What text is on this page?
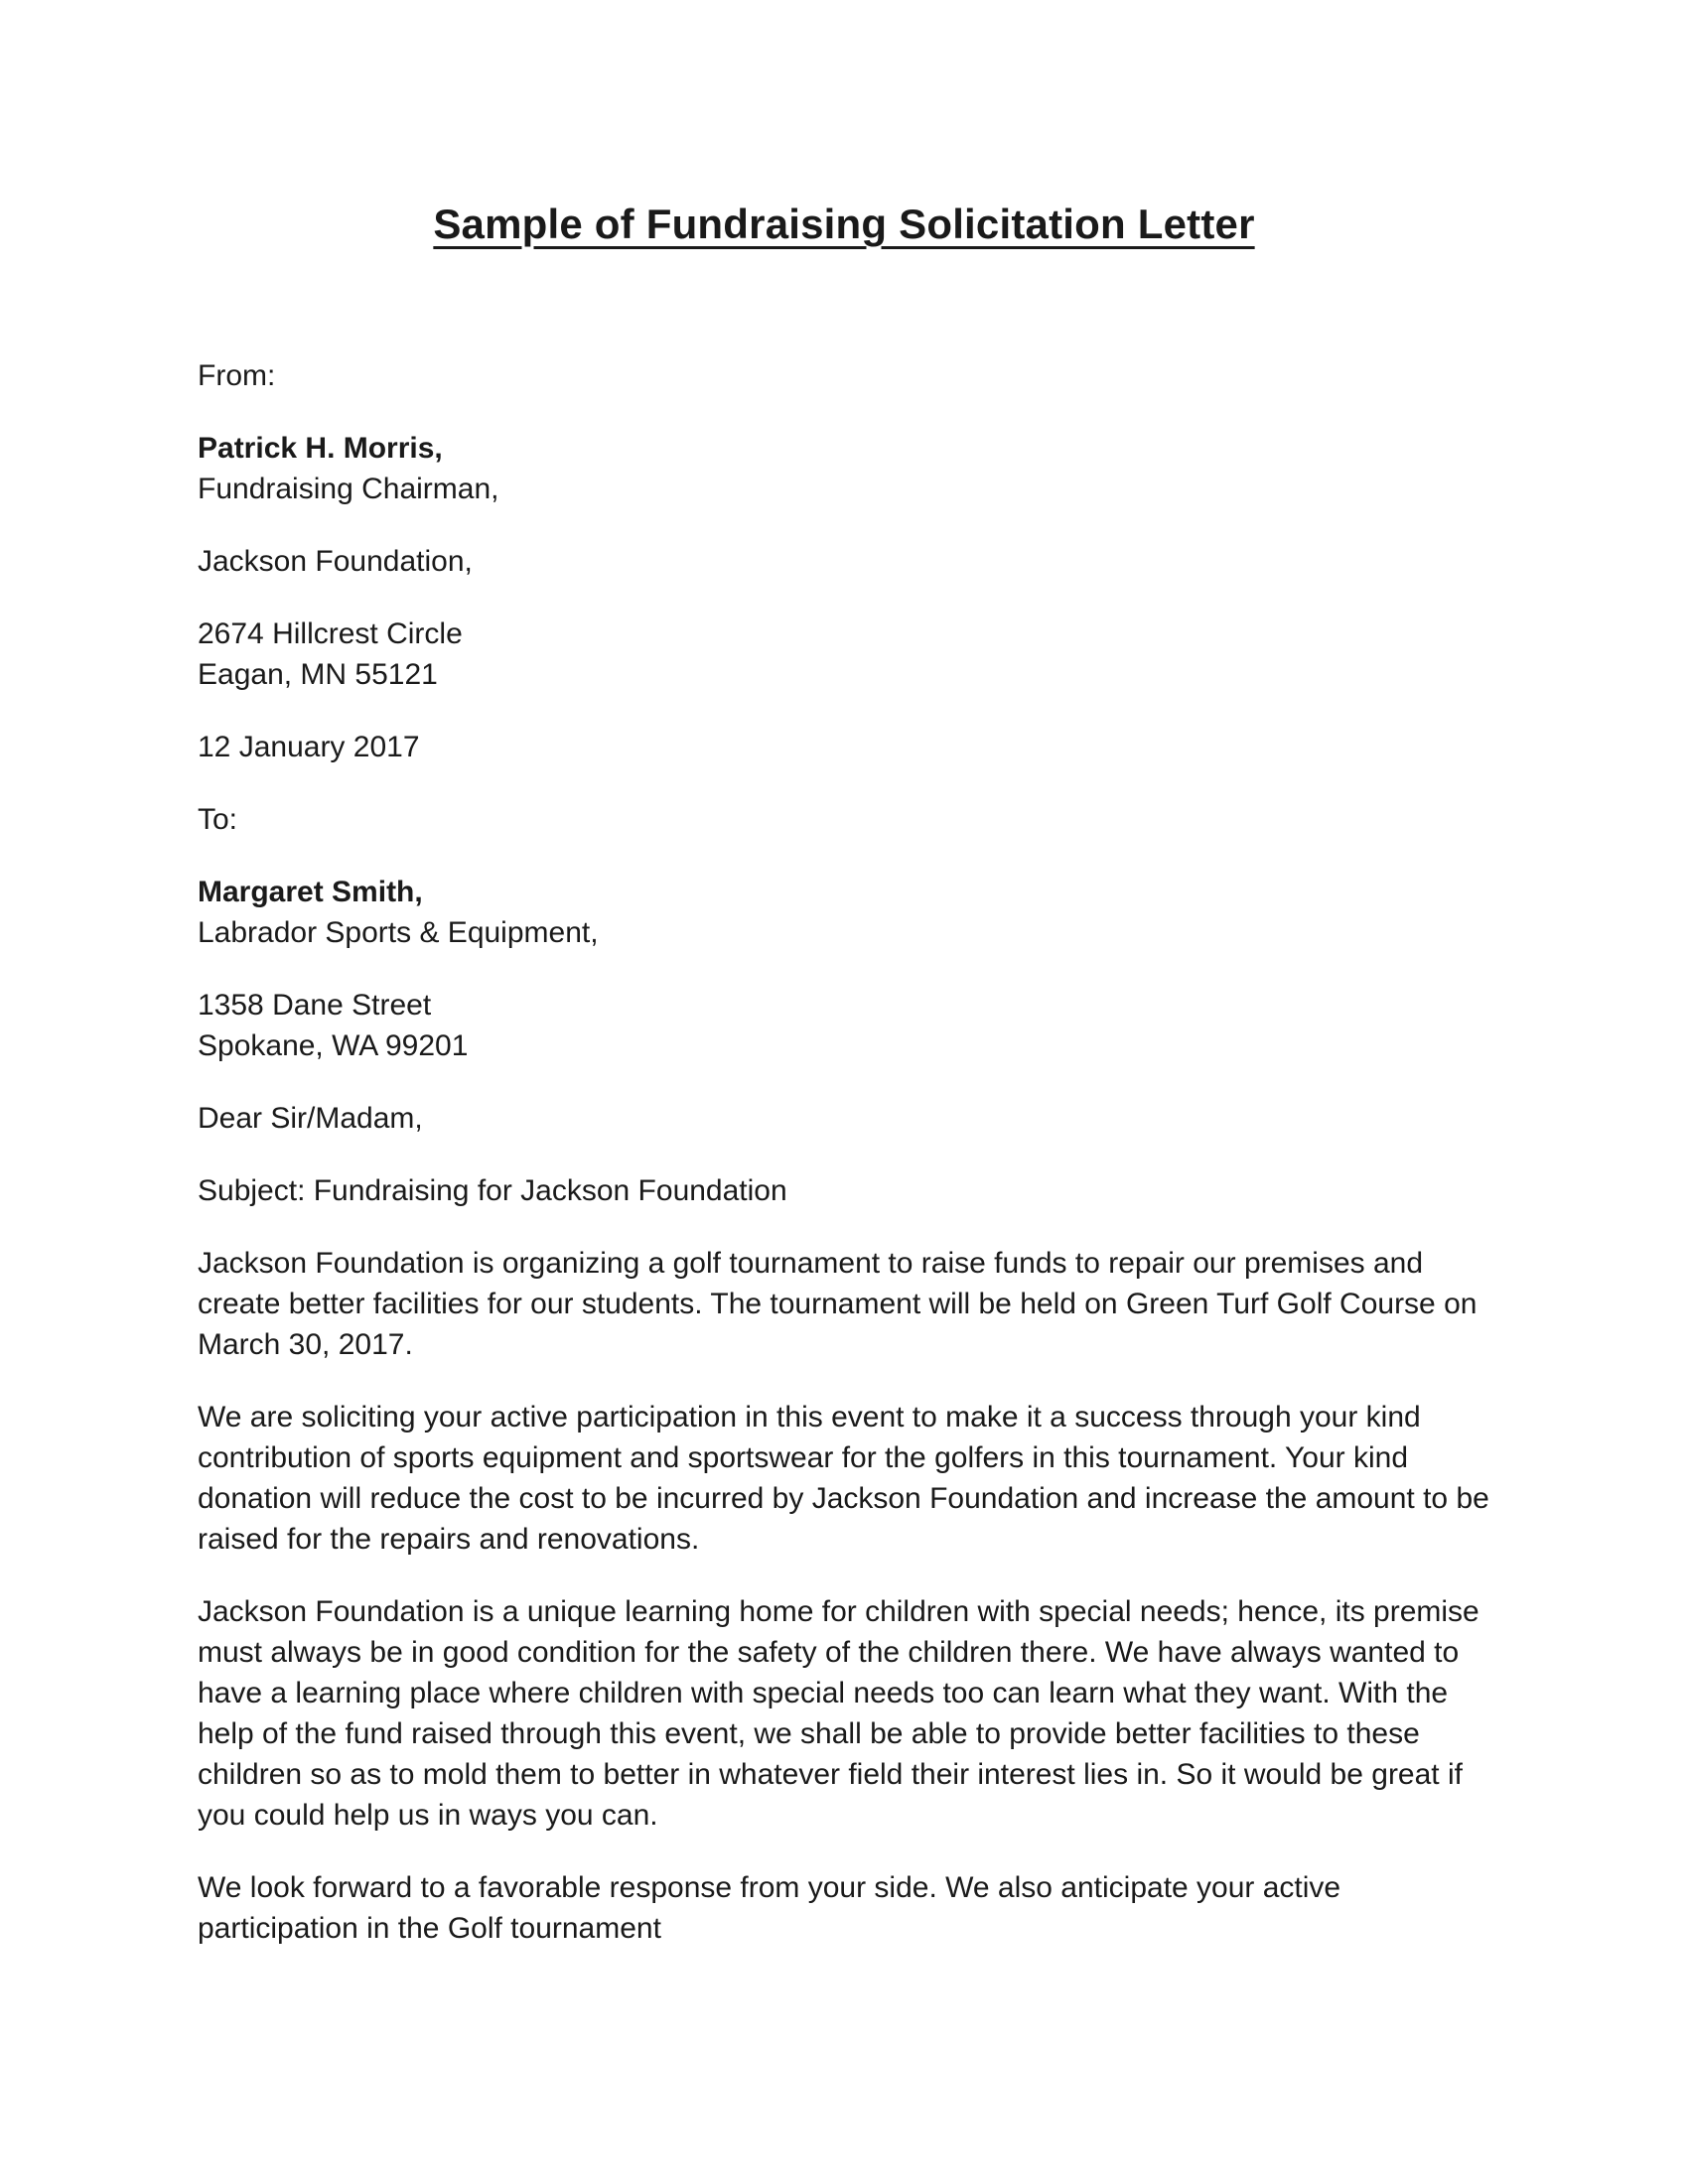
Sample of Fundraising Solicitation Letter

From:

Patrick H. Morris,
Fundraising Chairman,

Jackson Foundation,

2674 Hillcrest Circle
Eagan, MN 55121

12 January 2017

To:

Margaret Smith,
Labrador Sports & Equipment,

1358 Dane Street
Spokane, WA 99201

Dear Sir/Madam,

Subject: Fundraising for Jackson Foundation

Jackson Foundation is organizing a golf tournament to raise funds to repair our premises and create better facilities for our students. The tournament will be held on Green Turf Golf Course on March 30, 2017.

We are soliciting your active participation in this event to make it a success through your kind contribution of sports equipment and sportswear for the golfers in this tournament. Your kind donation will reduce the cost to be incurred by Jackson Foundation and increase the amount to be raised for the repairs and renovations.

Jackson Foundation is a unique learning home for children with special needs; hence, its premise must always be in good condition for the safety of the children there. We have always wanted to have a learning place where children with special needs too can learn what they want. With the help of the fund raised through this event, we shall be able to provide better facilities to these children so as to mold them to better in whatever field their interest lies in. So it would be great if you could help us in ways you can.

We look forward to a favorable response from your side. We also anticipate your active participation in the Golf tournament
